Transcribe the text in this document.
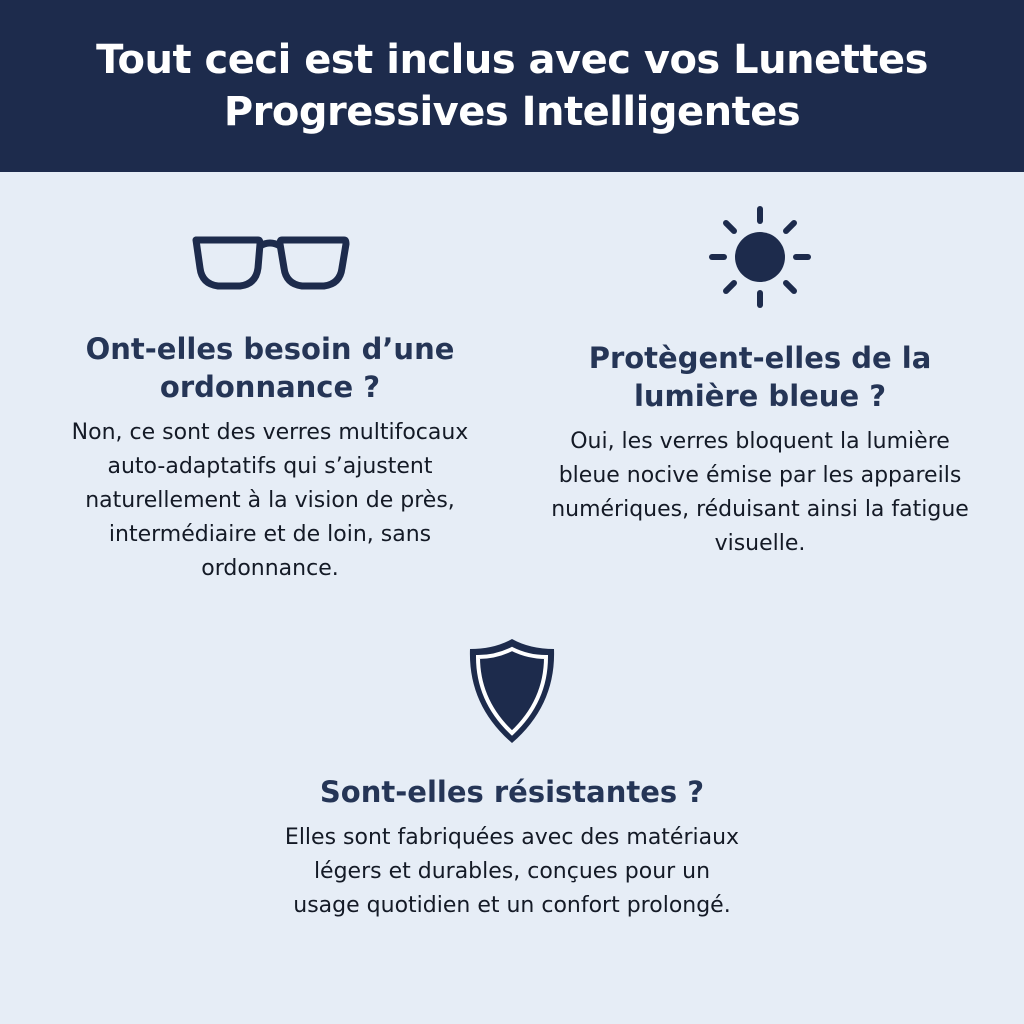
Tout ceci est inclus avec vos Lunettes Progressives Intelligentes
Ont-elles besoin d’une ordonnance ?

Non, ce sont des verres multifocaux auto-adaptatifs qui s’ajustent naturellement à la vision de près, intermédiaire et de loin, sans ordonnance.

Protègent-elles de la lumière bleue ?

Oui, les verres bloquent la lumière bleue nocive émise par les appareils numériques, réduisant ainsi la fatigue visuelle.

Sont-elles résistantes ?

Elles sont fabriquées avec des matériaux légers et durables, conçues pour un usage quotidien et un confort prolongé.
